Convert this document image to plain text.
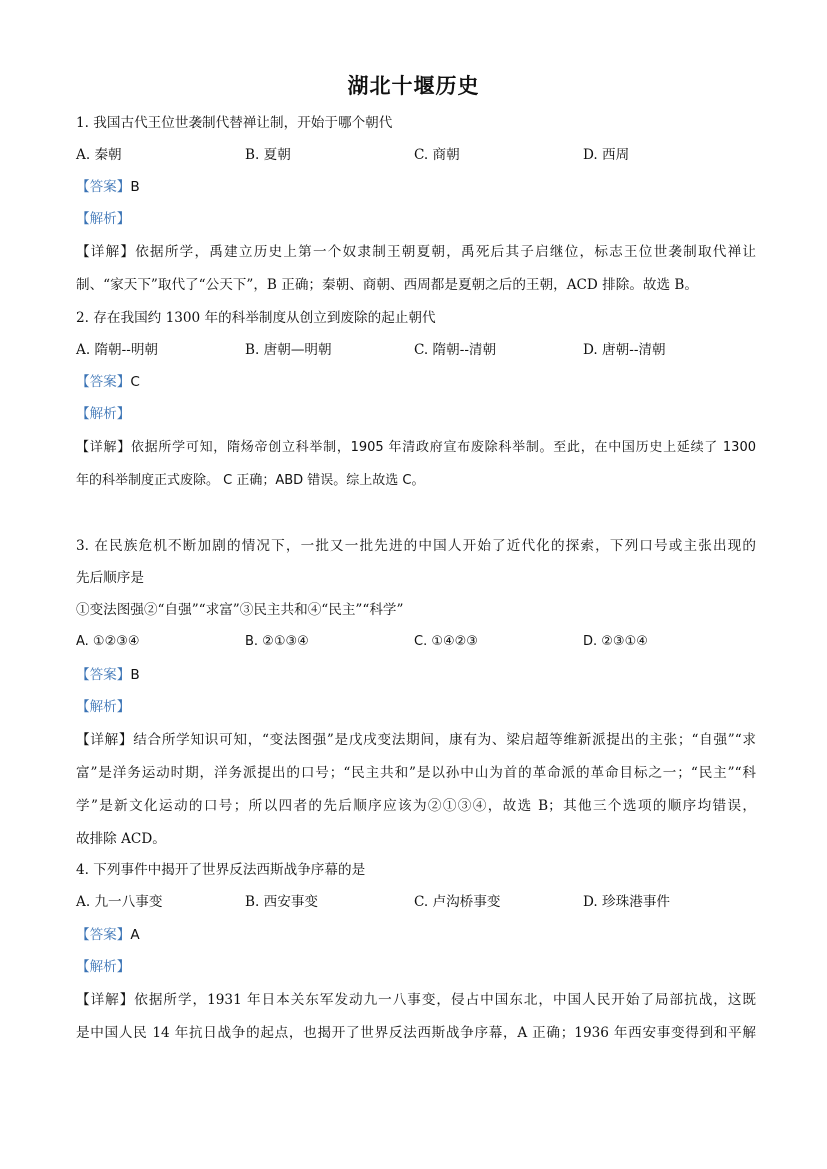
湖北十堰历史
1. 我国古代王位世袭制代替禅让制，开始于哪个朝代
A. 秦朝	B. 夏朝	C. 商朝	D. 西周
【答案】B
【解析】
【详解】依据所学，禹建立历史上第一个奴隶制王朝夏朝，禹死后其子启继位，标志王位世袭制取代禅让
制、“家天下”取代了“公天下”，B 正确；秦朝、商朝、西周都是夏朝之后的王朝，ACD 排除。故选 B。
2. 存在我国约 1300 年的科举制度从创立到废除的起止朝代
A. 隋朝--明朝	B. 唐朝—明朝	C. 隋朝--清朝	D. 唐朝--清朝
【答案】C
【解析】
【详解】依据所学可知，隋炀帝创立科举制，1905 年清政府宣布废除科举制。至此，在中国历史上延续了 1300
年的科举制度正式废除。 C 正确；ABD 错误。综上故选 C。
3. 在民族危机不断加剧的情况下，一批又一批先进的中国人开始了近代化的探索，下列口号或主张出现的
先后顺序是
①变法图强②“自强”“求富”③民主共和④“民主”“科学”
A. ①②③④	B. ②①③④	C. ①④②③	D. ②③①④
【答案】B
【解析】
【详解】结合所学知识可知，“变法图强”是戊戌变法期间，康有为、梁启超等维新派提出的主张；“自强”“求
富”是洋务运动时期，洋务派提出的口号；“民主共和”是以孙中山为首的革命派的革命目标之一；“民主”“科
学”是新文化运动的口号；所以四者的先后顺序应该为②①③④，故选 B；其他三个选项的顺序均错误，
故排除 ACD。
4. 下列事件中揭开了世界反法西斯战争序幕的是
A. 九一八事变	B. 西安事变	C. 卢沟桥事变	D. 珍珠港事件
【答案】A
【解析】
【详解】依据所学，1931 年日本关东军发动九一八事变，侵占中国东北，中国人民开始了局部抗战，这既
是中国人民 14 年抗日战争的起点，也揭开了世界反法西斯战争序幕，A 正确；1936 年西安事变得到和平解
